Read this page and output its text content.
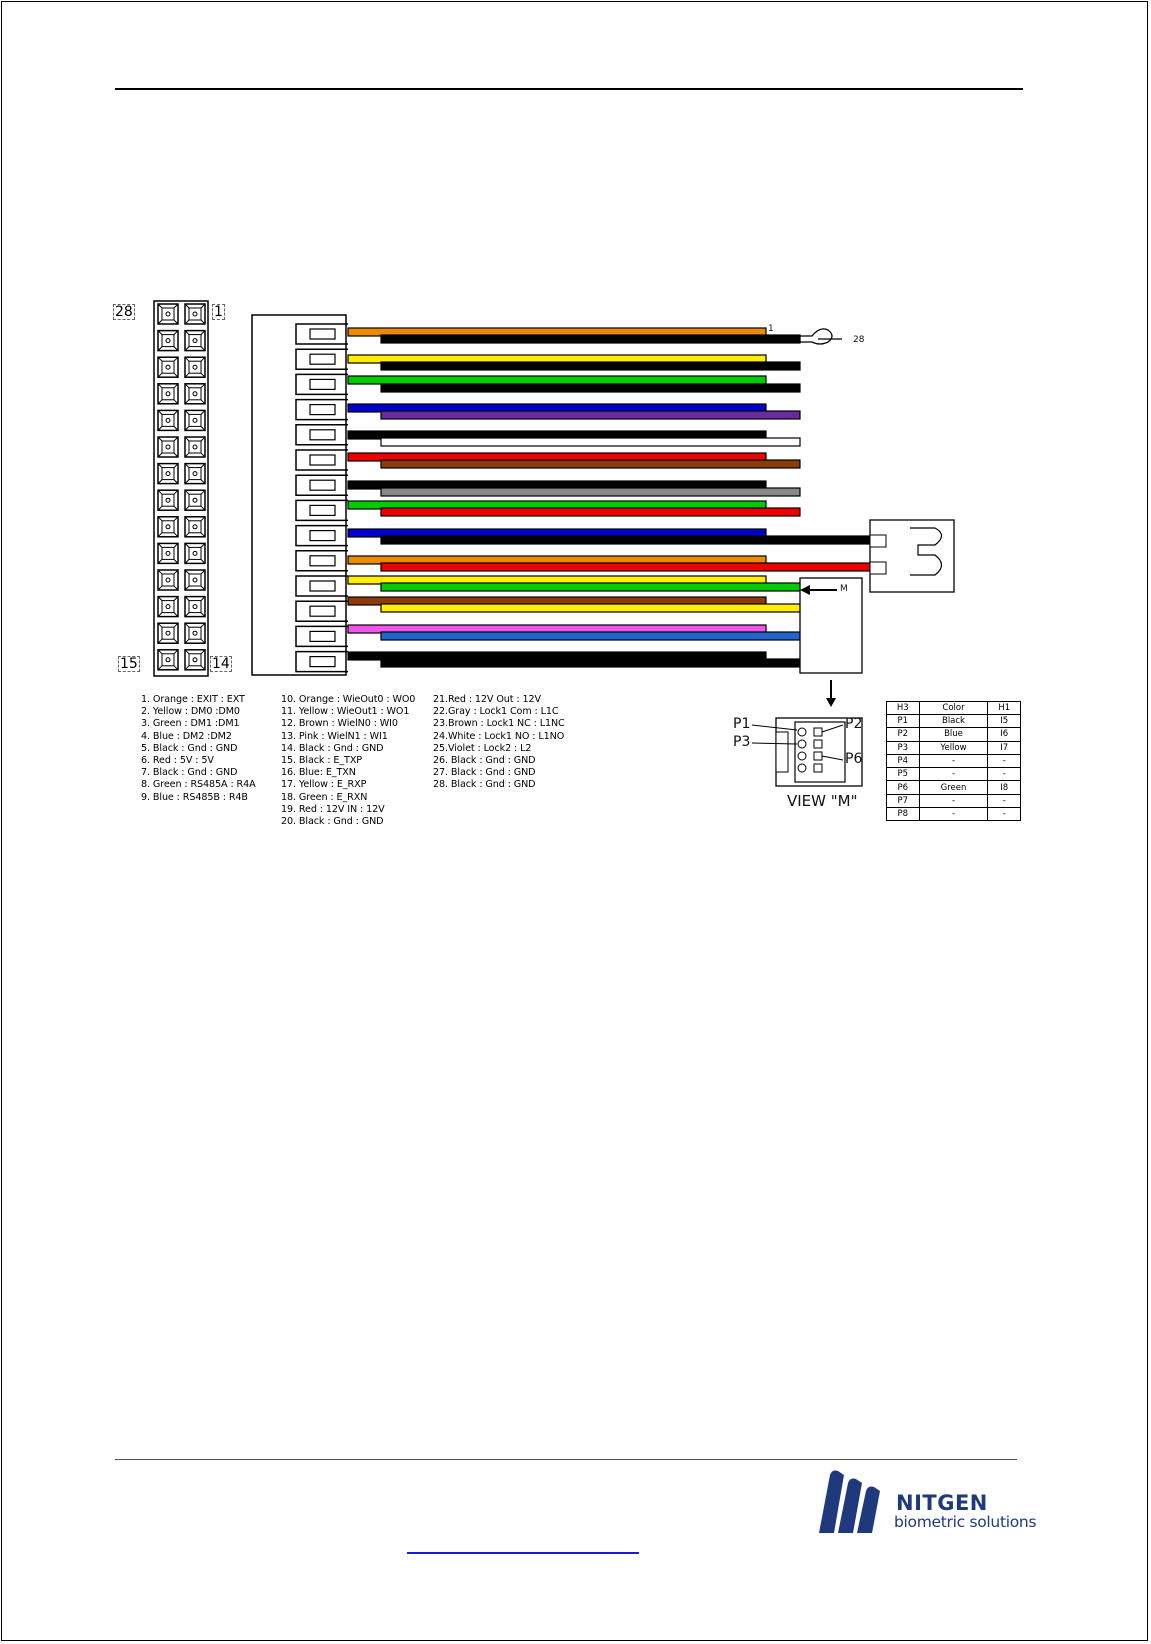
28	1
15	14
1
28
M
1. Orange : EXIT : EXT
2. Yellow : DM0 :DM0
3. Green : DM1 :DM1
4. Blue : DM2 :DM2
5. Black : Gnd : GND
6. Red : 5V : 5V
7. Black : Gnd : GND
8. Green : RS485A : R4A
9. Blue : RS485B : R4B
10. Orange : WieOut0 : WO0
11. Yellow : WieOut1 : WO1
12. Brown : WielN0 : WI0
13. Pink : WielN1 : WI1
14. Black : Gnd : GND
15. Black : E_TXP
16. Blue: E_TXN
17. Yellow : E_RXP
18. Green : E_RXN
19. Red : 12V IN : 12V
20. Black : Gnd : GND
21.Red : 12V Out : 12V
22.Gray : Lock1 Com : L1C
23.Brown : Lock1 NC : L1NC
24.White : Lock1 NO : L1NO
25.Violet : Lock2 : L2
26. Black : Gnd : GND
27. Black : Gnd : GND
28. Black : Gnd : GND
P1	P2
P3
P6
VIEW "M"
H3	Color	H1
P1	Black	I5
P2	Blue	I6
P3	Yellow	I7
P4	-	-
P5	-	-
P6	Green	I8
P7	-	-
P8	-	-
NITGEN
biometric solutions
